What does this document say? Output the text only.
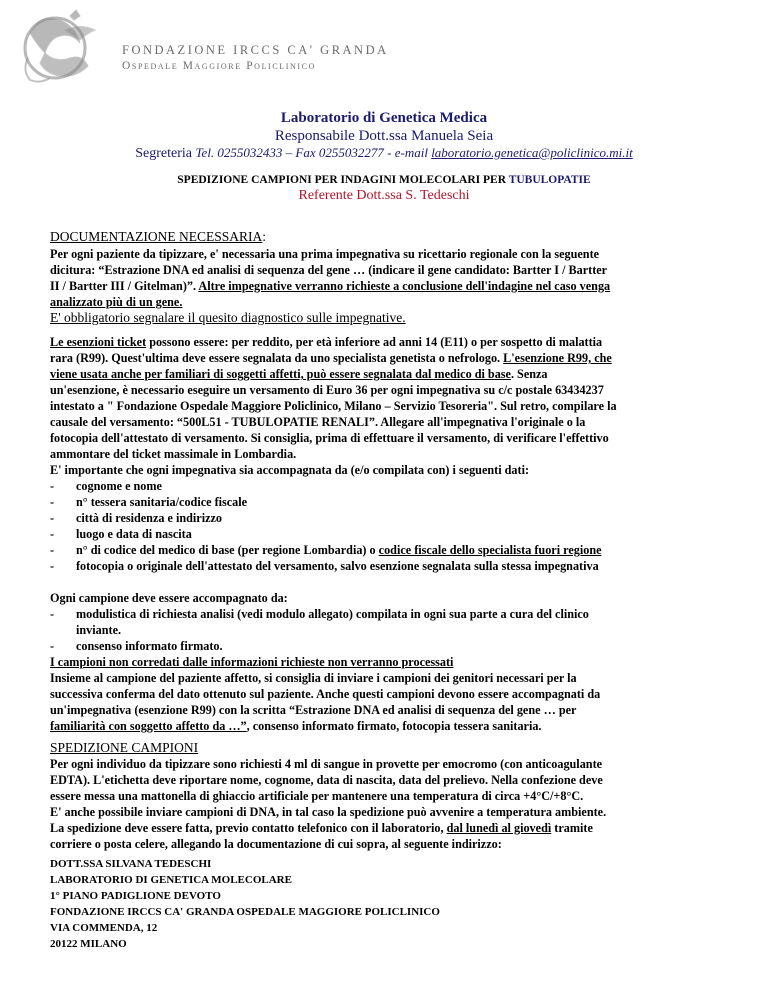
FONDAZIONE IRCCS CA' GRANDA
Ospedale Maggiore Policlinico
Laboratorio di Genetica Medica
Responsabile Dott.ssa Manuela Seia
Segreteria Tel. 0255032433 – Fax 0255032277 - e-mail laboratorio.genetica@policlinico.mi.it
SPEDIZIONE CAMPIONI PER INDAGINI MOLECOLARI PER TUBULOPATIE
Referente Dott.ssa S. Tedeschi
DOCUMENTAZIONE NECESSARIA:
Per ogni paziente da tipizzare, e' necessaria una prima impegnativa su ricettario regionale con la seguente
dicitura: “Estrazione DNA ed analisi di sequenza del gene … (indicare il gene candidato: Bartter I / Bartter
II / Bartter III / Gitelman)”. Altre impegnative verranno richieste a conclusione dell'indagine nel caso venga
analizzato più di un gene.
E' obbligatorio segnalare il quesito diagnostico sulle impegnative.
Le esenzioni ticket possono essere: per reddito, per età inferiore ad anni 14 (E11) o per sospetto di malattia
rara (R99). Quest'ultima deve essere segnalata da uno specialista genetista o nefrologo. L'esenzione R99, che
viene usata anche per familiari di soggetti affetti, può essere segnalata dal medico di base. Senza
un'esenzione, è necessario eseguire un versamento di Euro 36 per ogni impegnativa su c/c postale 63434237
intestato a " Fondazione Ospedale Maggiore Policlinico, Milano – Servizio Tesoreria". Sul retro, compilare la
causale del versamento: “500L51 - TUBULOPATIE RENALI”. Allegare all'impegnativa l'originale o la
fotocopia dell'attestato di versamento. Si consiglia, prima di effettuare il versamento, di verificare l'effettivo
ammontare del ticket massimale in Lombardia.
E' importante che ogni impegnativa sia accompagnata da (e/o compilata con) i seguenti dati:
- cognome e nome
- n° tessera sanitaria/codice fiscale
- città di residenza e indirizzo
- luogo e data di nascita
- n° di codice del medico di base (per regione Lombardia) o codice fiscale dello specialista fuori regione
- fotocopia o originale dell'attestato del versamento, salvo esenzione segnalata sulla stessa impegnativa
Ogni campione deve essere accompagnato da:
- modulistica di richiesta analisi (vedi modulo allegato) compilata in ogni sua parte a cura del clinico
inviante.
- consenso informato firmato.
I campioni non corredati dalle informazioni richieste non verranno processati
Insieme al campione del paziente affetto, si consiglia di inviare i campioni dei genitori necessari per la
successiva conferma del dato ottenuto sul paziente. Anche questi campioni devono essere accompagnati da
un'impegnativa (esenzione R99) con la scritta “Estrazione DNA ed analisi di sequenza del gene … per
familiarità con soggetto affetto da …”, consenso informato firmato, fotocopia tessera sanitaria.
SPEDIZIONE CAMPIONI
Per ogni individuo da tipizzare sono richiesti 4 ml di sangue in provette per emocromo (con anticoagulante
EDTA). L'etichetta deve riportare nome, cognome, data di nascita, data del prelievo. Nella confezione deve
essere messa una mattonella di ghiaccio artificiale per mantenere una temperatura di circa +4°C/+8°C.
E' anche possibile inviare campioni di DNA, in tal caso la spedizione può avvenire a temperatura ambiente.
La spedizione deve essere fatta, previo contatto telefonico con il laboratorio, dal lunedì al giovedì tramite
corriere o posta celere, allegando la documentazione di cui sopra, al seguente indirizzo:
DOTT.SSA SILVANA TEDESCHI
LABORATORIO DI GENETICA MOLECOLARE
1° PIANO PADIGLIONE DEVOTO
FONDAZIONE IRCCS CA' GRANDA OSPEDALE MAGGIORE POLICLINICO
VIA COMMENDA, 12
20122 MILANO
